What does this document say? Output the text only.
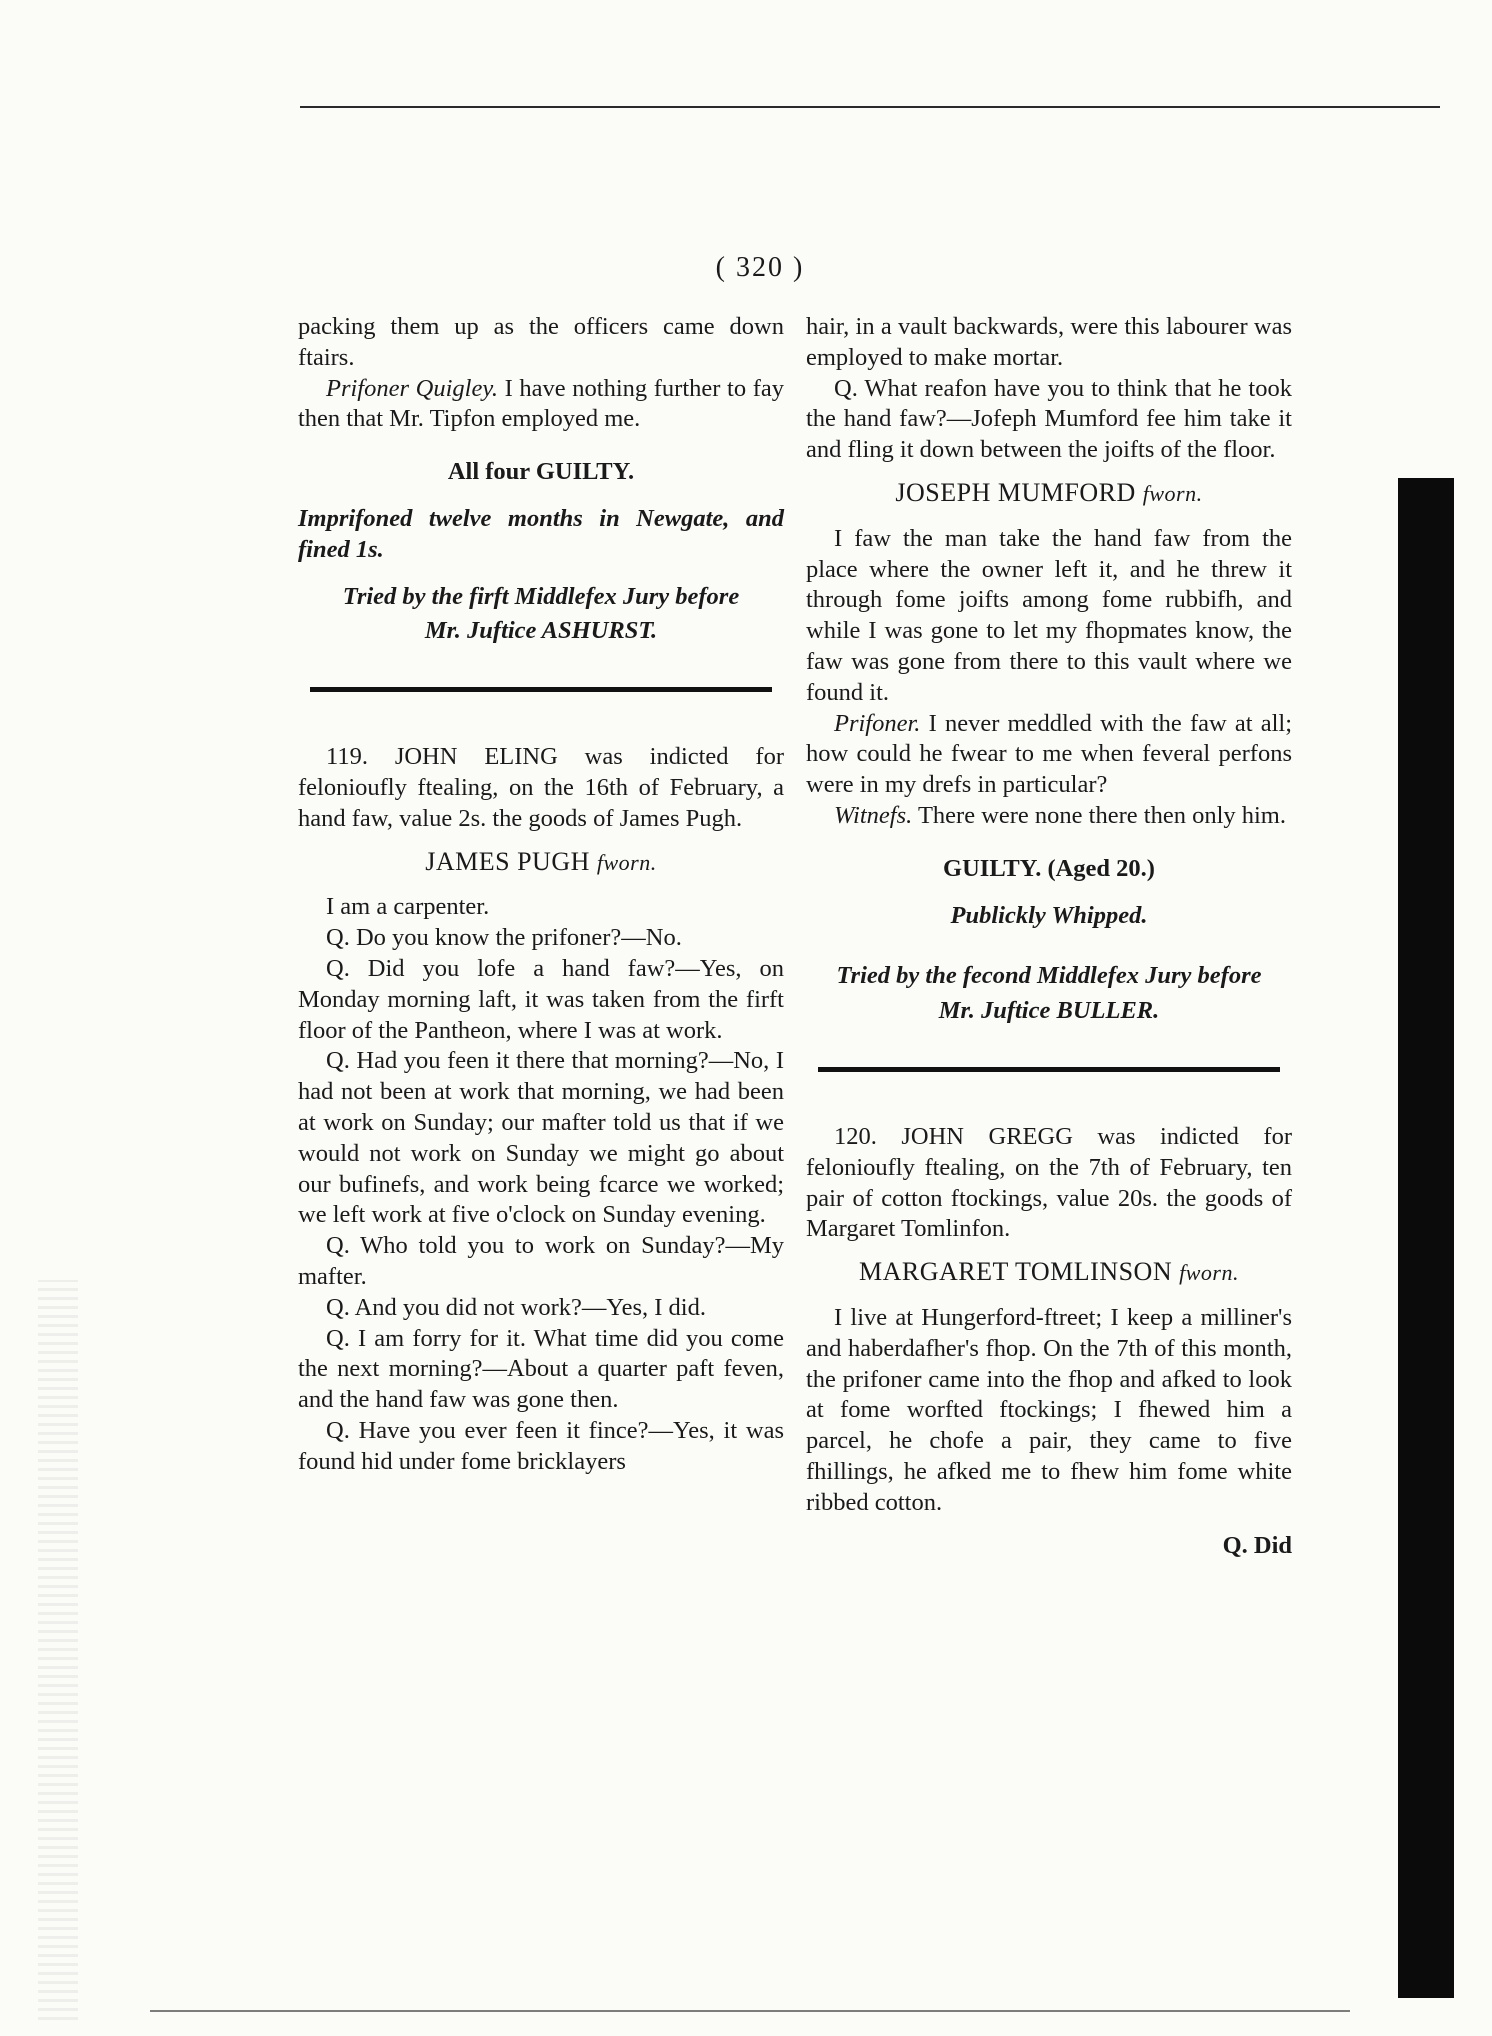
( 320 )

packing them up as the officers came down ftairs.

Prifoner Quigley. I have nothing further to fay then that Mr. Tipfon employed me.

All four GUILTY.

Imprifoned twelve months in Newgate, and fined 1s.

Tried by the firft Middlefex Jury before

Mr. Juftice ASHURST.

119. JOHN ELING was indicted for felonioufly ftealing, on the 16th of February, a hand faw, value 2s. the goods of James Pugh.

JAMES PUGH fworn.

I am a carpenter.

Q. Do you know the prifoner?—No.

Q. Did you lofe a hand faw?—Yes, on Monday morning laft, it was taken from the firft floor of the Pantheon, where I was at work.

Q. Had you feen it there that morning?—No, I had not been at work that morning, we had been at work on Sunday; our mafter told us that if we would not work on Sunday we might go about our bufinefs, and work being fcarce we worked; we left work at five o'clock on Sunday evening.

Q. Who told you to work on Sunday?—My mafter.

Q. And you did not work?—Yes, I did.

Q. I am forry for it. What time did you come the next morning?—About a quarter paft feven, and the hand faw was gone then.

Q. Have you ever feen it fince?—Yes, it was found hid under fome bricklayers

hair, in a vault backwards, were this labourer was employed to make mortar.

Q. What reafon have you to think that he took the hand faw?—Jofeph Mumford fee him take it and fling it down between the joifts of the floor.

JOSEPH MUMFORD fworn.

I faw the man take the hand faw from the place where the owner left it, and he threw it through fome joifts among fome rubbifh, and while I was gone to let my fhopmates know, the faw was gone from there to this vault where we found it.

Prifoner. I never meddled with the faw at all; how could he fwear to me when feveral perfons were in my drefs in particular?

Witnefs. There were none there then only him.

GUILTY. (Aged 20.)

Publickly Whipped.

Tried by the fecond Middlefex Jury before

Mr. Juftice BULLER.

120. JOHN GREGG was indicted for felonioufly ftealing, on the 7th of February, ten pair of cotton ftockings, value 20s. the goods of Margaret Tomlinfon.

MARGARET TOMLINSON fworn.

I live at Hungerford-ftreet; I keep a milliner's and haberdafher's fhop. On the 7th of this month, the prifoner came into the fhop and afked to look at fome worfted ftockings; I fhewed him a parcel, he chofe a pair, they came to five fhillings, he afked me to fhew him fome white ribbed cotton.

Q. Did
